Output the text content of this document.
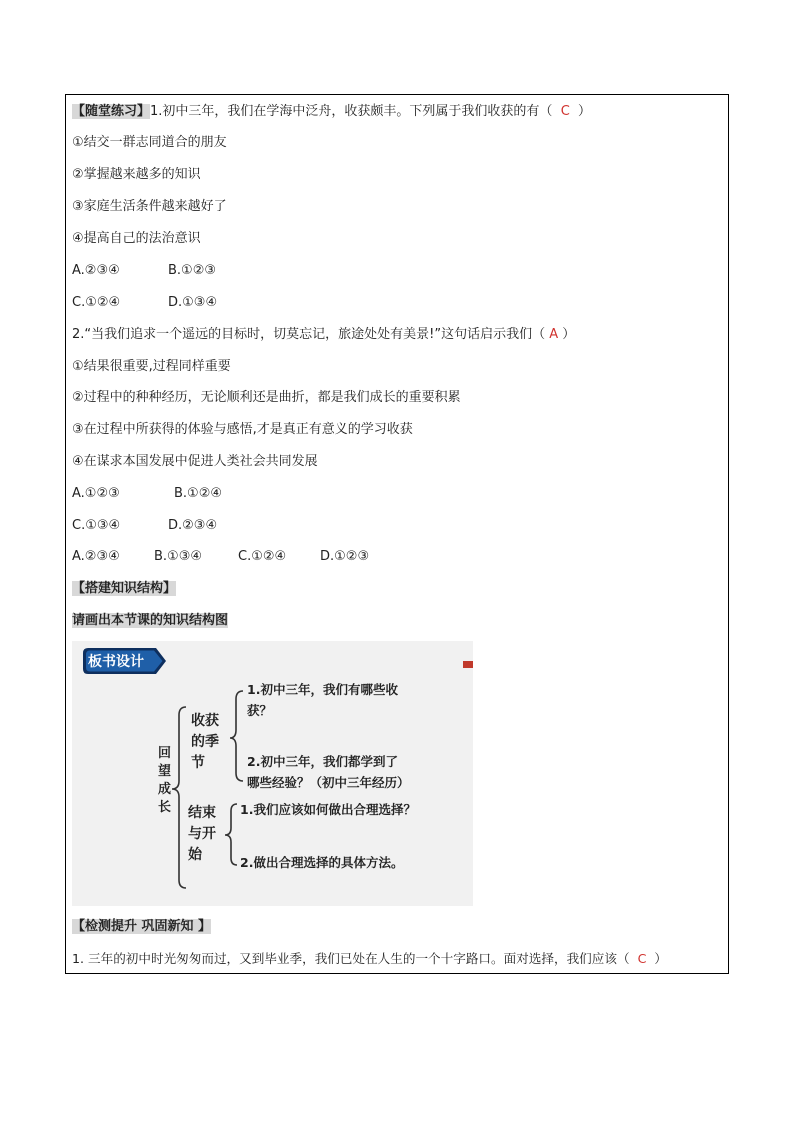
【随堂练习】1.初中三年，我们在学海中泛舟，收获颇丰。下列属于我们收获的有（ C ）
①结交一群志同道合的朋友
②掌握越来越多的知识
③家庭生活条件越来越好了
④提高自己的法治意识
A.②③④	B.①②③
C.①②④	D.①③④
2.“当我们追求一个遥远的目标时，切莫忘记，旅途处处有美景!”这句话启示我们（ A ）
①结果很重要,过程同样重要
②过程中的种种经历，无论顺利还是曲折，都是我们成长的重要积累
③在过程中所获得的体验与感悟,才是真正有意义的学习收获
④在谋求本国发展中促进人类社会共同发展
A.①②③	B.①②④
C.①③④	D.②③④
A.②③④	B.①③④	C.①②④	D.①②③
【搭建知识结构】
请画出本节课的知识结构图
板书设计
回望成长
收获的季节
结束与开始
1.初中三年，我们有哪些收
获？
2.初中三年，我们都学到了
哪些经验？（初中三年经历）
1.我们应该如何做出合理选择？
2.做出合理选择的具体方法。
【检测提升 巩固新知 】
1. 三年的初中时光匆匆而过，又到毕业季，我们已处在人生的一个十字路口。面对选择，我们应该（ C ）
